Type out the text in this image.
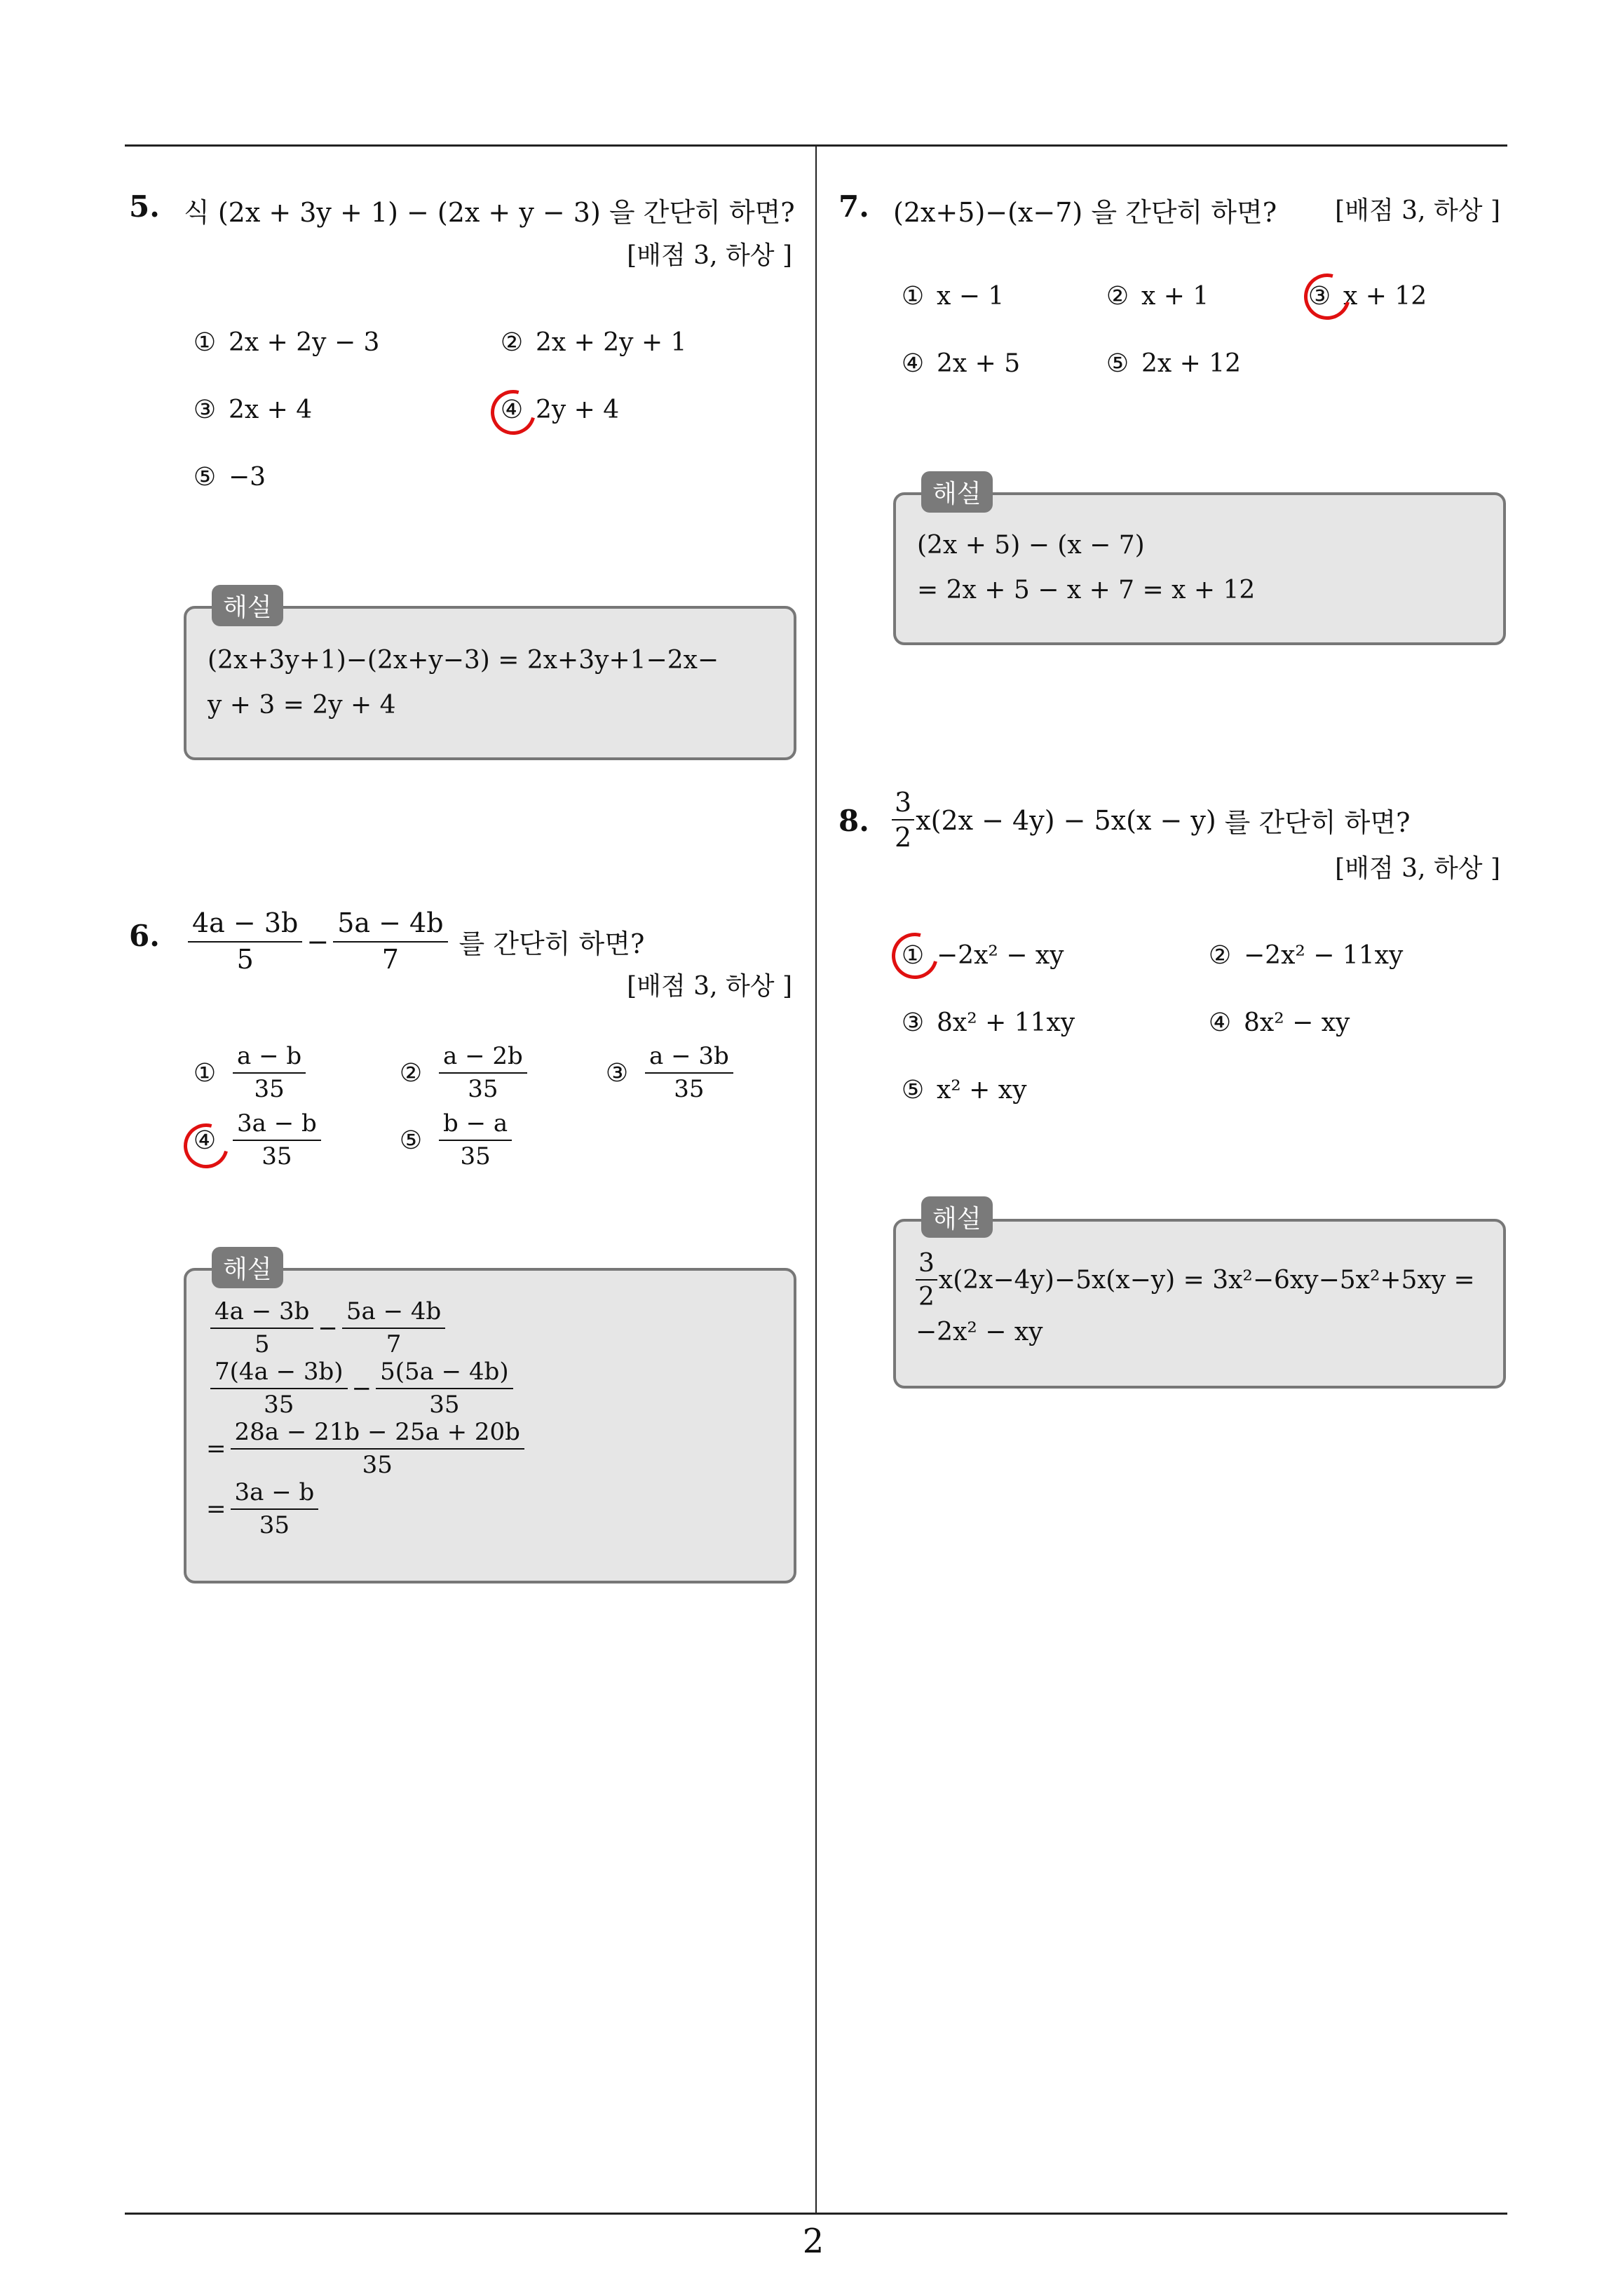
2
5. 식 (2x + 3y + 1) − (2x + y − 3) 을 간단히 하면?
[배점 3, 하상 ]
① 2x + 2y − 3	② 2x + 2y + 1
③ 2x + 4	④ 2y + 4
⑤ −3
해설
(2x+3y+1)−(2x+y−3) = 2x+3y+1−2x−
y + 3 = 2y + 4
6. $\frac{4a - 3b}{5} - \frac{5a - 4b}{7}$ 를 간단히 하면?
[배점 3, 하상 ]
① $\frac{a - b}{35}$	② $\frac{a - 2b}{35}$	③ $\frac{a - 3b}{35}$
④ $\frac{3a - b}{35}$	⑤ $\frac{b - a}{35}$
해설
$\frac{4a - 3b}{5} - \frac{5a - 4b}{7}$
$\frac{7(4a - 3b)}{35} - \frac{5(5a - 4b)}{35}$
= $\frac{28a - 21b - 25a + 20b}{35}$
= $\frac{3a - b}{35}$
7. (2x+5)−(x−7) 을 간단히 하면?	[배점 3, 하상 ]
① x − 1	② x + 1	③ x + 12
④ 2x + 5	⑤ 2x + 12
해설
(2x + 5) − (x − 7)
= 2x + 5 − x + 7 = x + 12
8. $\frac{3}{2} x(2x - 4y) - 5x(x - y)$ 를 간단히 하면?
[배점 3, 하상 ]
① −2x² − xy	② −2x² − 11xy
③ 8x² + 11xy	④ 8x² − xy
⑤ x² + xy
해설
$\frac{3}{2} x(2x-4y)-5x(x-y) = 3x^2-6xy-5x^2+5xy$ =
−2x² − xy
